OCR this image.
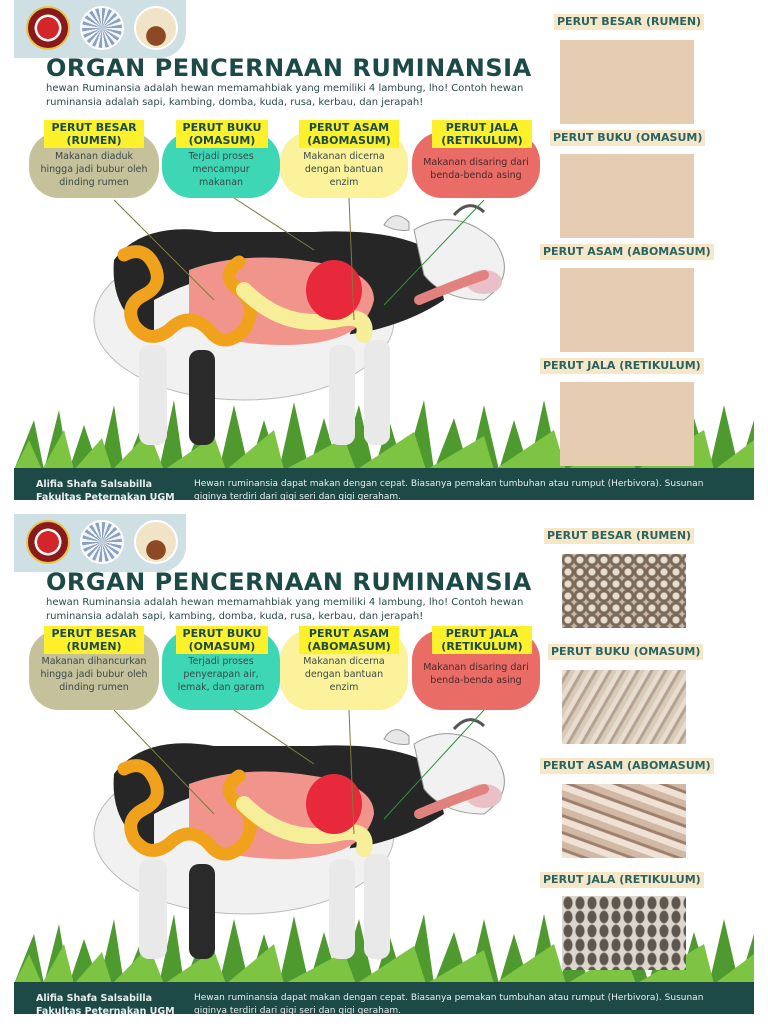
ORGAN PENCERNAAN RUMINANSIA
hewan Ruminansia adalah hewan memamahbiak yang memiliki 4 lambung, lho! Contoh hewan ruminansia adalah sapi, kambing, domba, kuda, rusa, kerbau, dan jerapah!
Makanan diaduk hingga jadi bubur oleh dinding rumen
Terjadi proses mencampur makanan
Makanan dicerna dengan bantuan enzim
Makanan disaring dari benda-benda asing
PERUT BESAR
(RUMEN)
PERUT BUKU
(OMASUM)
PERUT ASAM
(ABOMASUM)
PERUT JALA
(RETIKULUM)
PERUT BESAR (RUMEN)
PERUT BUKU (OMASUM)
PERUT ASAM (ABOMASUM)
PERUT JALA (RETIKULUM)
Alifia Shafa Salsabilla
Fakultas Peternakan UGM
Hewan ruminansia dapat makan dengan cepat. Biasanya pemakan tumbuhan atau rumput (Herbivora). Susunan giginya terdiri dari gigi seri dan gigi geraham.
ORGAN PENCERNAAN RUMINANSIA
hewan Ruminansia adalah hewan memamahbiak yang memiliki 4 lambung, lho! Contoh hewan ruminansia adalah sapi, kambing, domba, kuda, rusa, kerbau, dan jerapah!
Makanan dihancurkan hingga jadi bubur oleh dinding rumen
Terjadi proses penyerapan air, lemak, dan garam
Makanan dicerna dengan bantuan enzim
Makanan disaring dari benda-benda asing
PERUT BESAR
(RUMEN)
PERUT BUKU
(OMASUM)
PERUT ASAM
(ABOMASUM)
PERUT JALA
(RETIKULUM)
PERUT BESAR (RUMEN)
PERUT BUKU (OMASUM)
PERUT ASAM (ABOMASUM)
PERUT JALA (RETIKULUM)
Alifia Shafa Salsabilla
Fakultas Peternakan UGM
Hewan ruminansia dapat makan dengan cepat. Biasanya pemakan tumbuhan atau rumput (Herbivora). Susunan giginya terdiri dari gigi seri dan gigi geraham.
